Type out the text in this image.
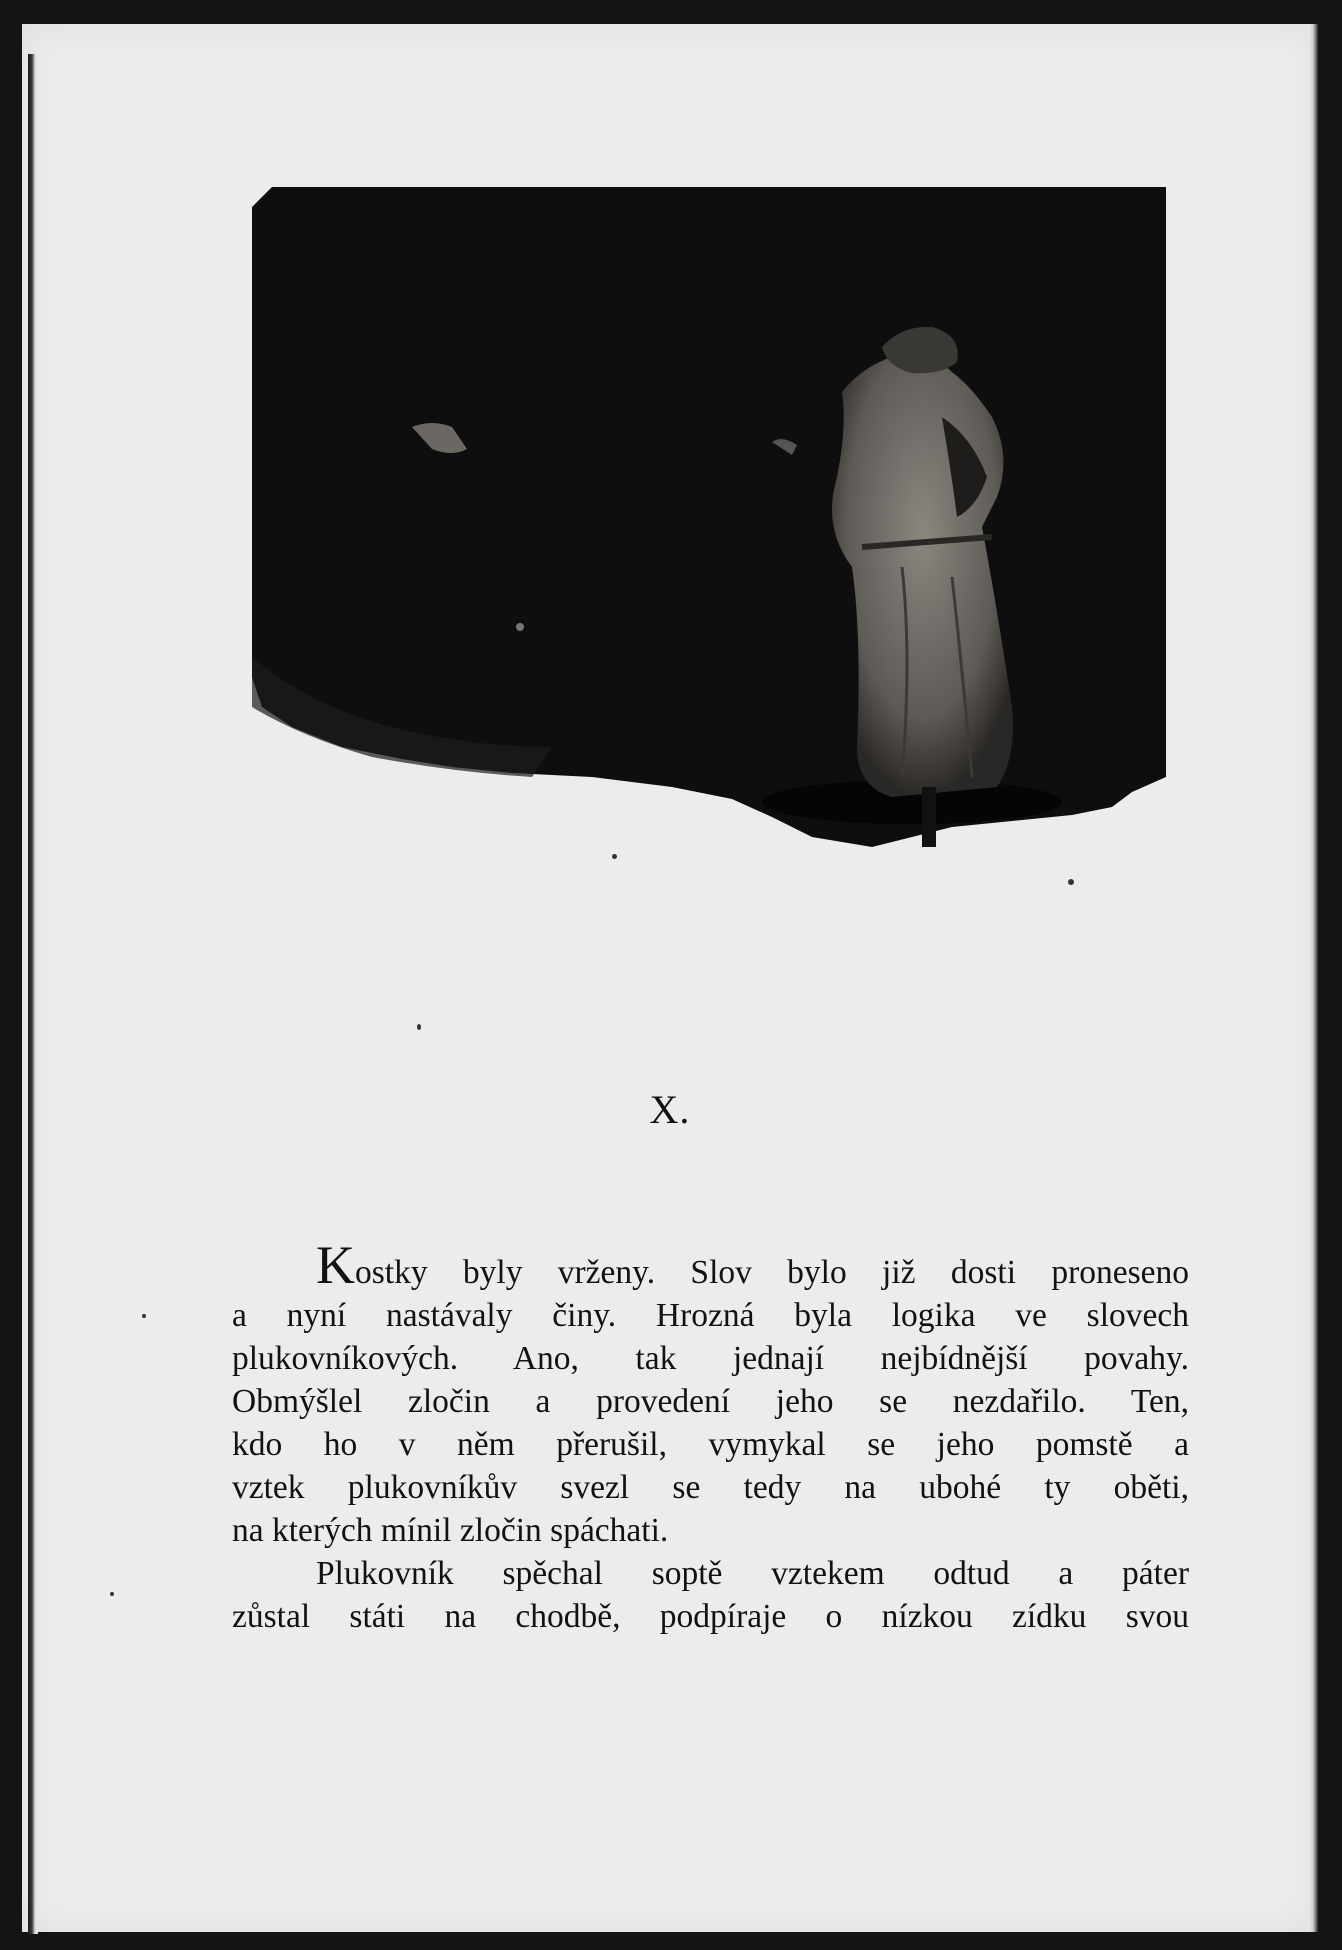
X.

Kostky byly vrženy. Slov bylo již dosti proneseno
a nyní nastávaly činy. Hrozná byla logika ve slovech
plukovníkových. Ano, tak jednají nejbídnější povahy.
Obmýšlel zločin a provedení jeho se nezdařilo. Ten,
kdo ho v něm přerušil, vymykal se jeho pomstě a
vztek plukovníkův svezl se tedy na ubohé ty oběti,
na kterých mínil zločin spáchati.

Plukovník spěchal soptě vztekem odtud a páter
zůstal státi na chodbě, podpíraje o nízkou zídku svou
